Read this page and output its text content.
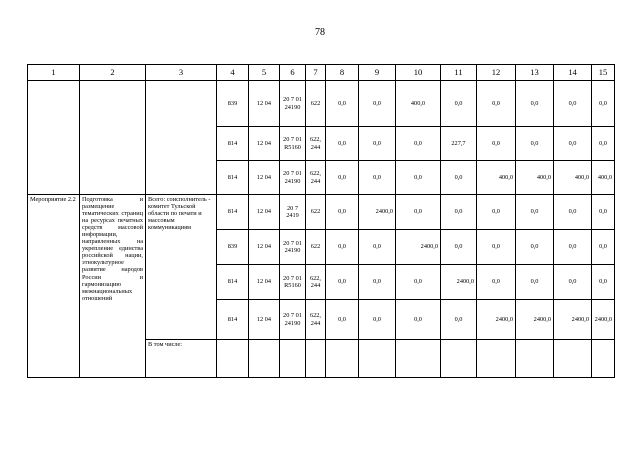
78
1	2	3	4	5	6	7	8	9	10	11	12	13	14	15
			839	12 04	20 7 01 24190	622	0,0	0,0	400,0	0,0	0,0	0,0	0,0	0,0
			814	12 04	20 7 01 R5160	622, 244	0,0	0,0	0,0	227,7	0,0	0,0	0,0	0,0
			814	12 04	20 7 01 24190	622, 244	0,0	0,0	0,0	0,0	400,0	400,0	400,0	400,0
Мероприятие 2.2	Подготовка и размещение тематических страниц на ресурсах печатных средств массовой информации, направленных на укрепление единства российской нации, этнокультурное развитие народов России и гармонизацию межнациональных отношений	Всего: соисполнитель - комитет Тульской области по печати и массовым коммуникациям	814	12 04	20 7 2419	622	0,0	2400,0	0,0	0,0	0,0	0,0	0,0	0,0
			839	12 04	20 7 01 24190	622	0,0	0,0	2400,0	0,0	0,0	0,0	0,0	0,0
			814	12 04	20 7 01 R5160	622, 244	0,0	0,0	0,0	2400,0	0,0	0,0	0,0	0,0
			814	12 04	20 7 01 24190	622, 244	0,0	0,0	0,0	0,0	2400,0	2400,0	2400,0	2400,0
		В том числе:												
